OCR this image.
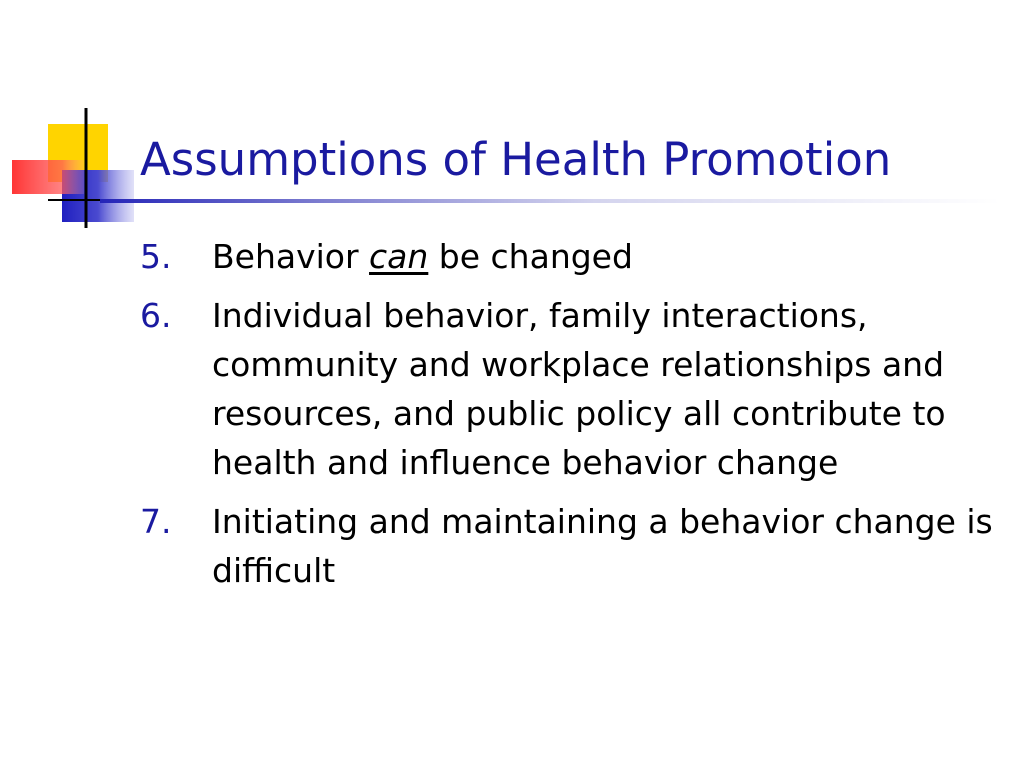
Assumptions of Health Promotion
5.	Behavior can be changed
6.	Individual behavior, family interactions, community and workplace relationships and resources, and public policy all contribute to health and influence behavior change
7.	Initiating and maintaining a behavior change is difficult
